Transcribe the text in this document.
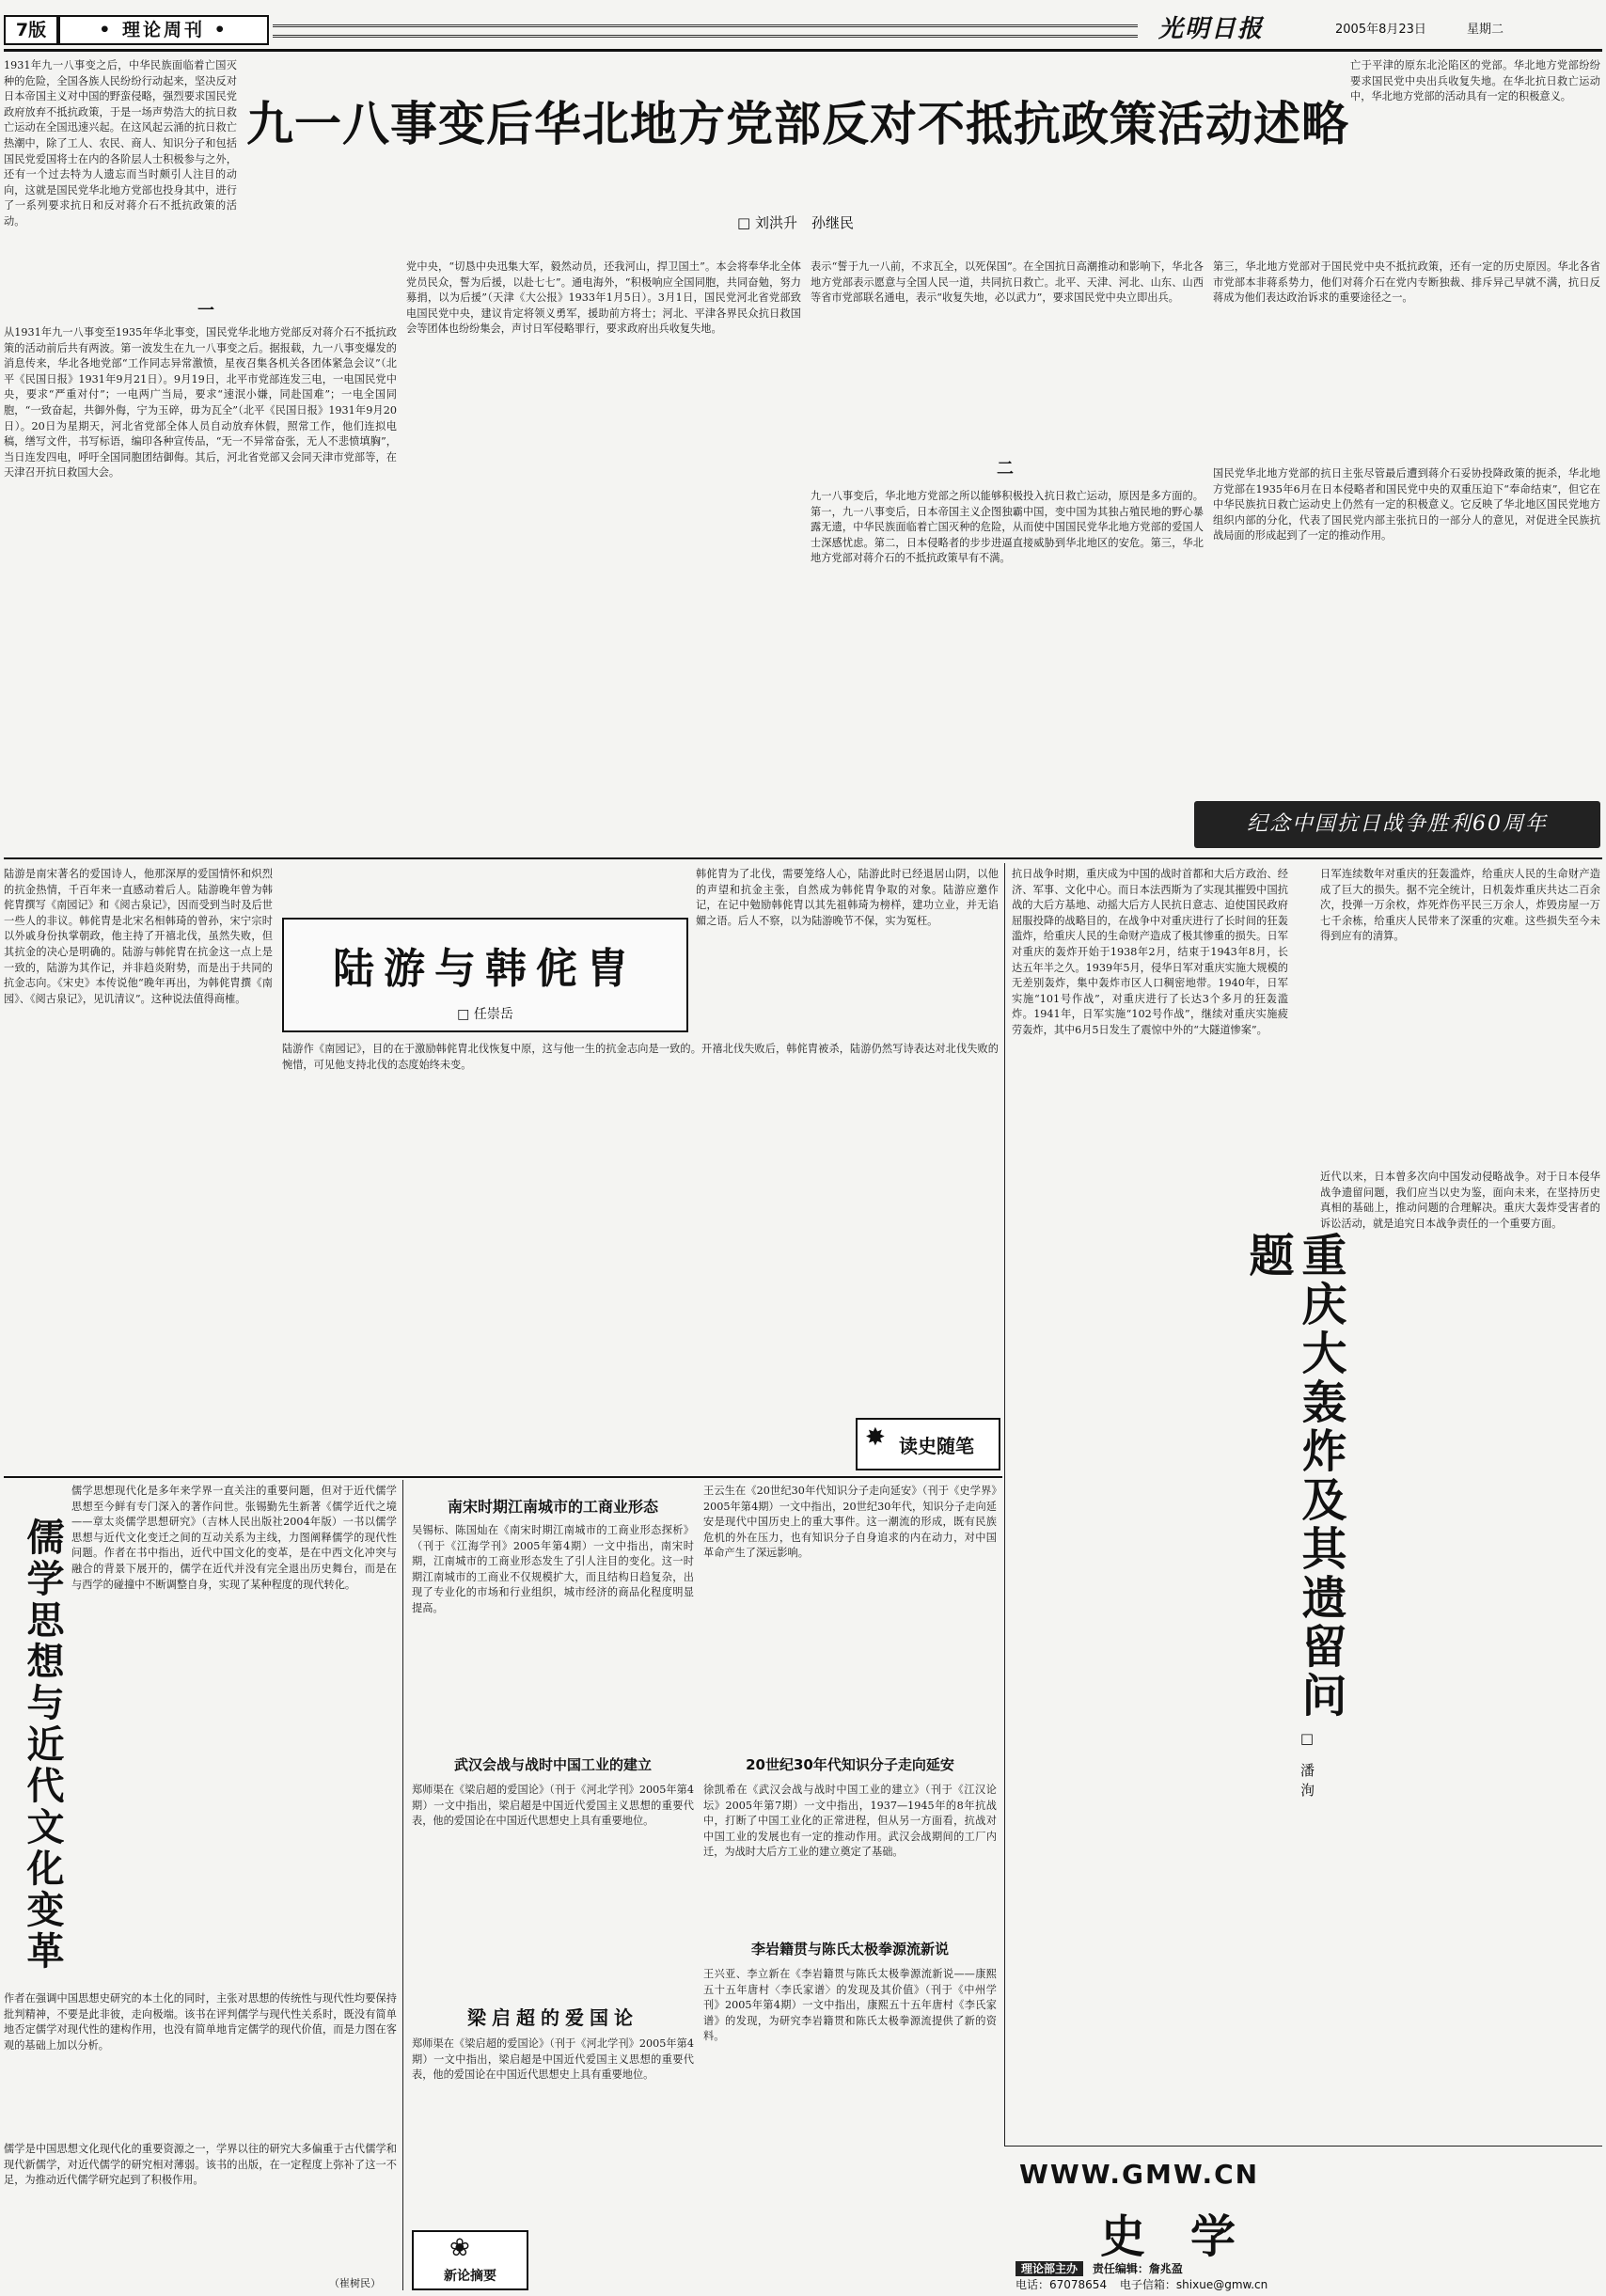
7版	• 理论周刊 •	光明日报	2005年8月23日	星期二
1931年九一八事变之后，中华民族面临着亡国灭种的危险，全国各族人民纷纷行动起来，坚决反对日本帝国主义对中国的野蛮侵略，强烈要求国民党政府放弃不抵抗政策，于是一场声势浩大的抗日救亡运动在全国迅速兴起。在这风起云涌的抗日救亡热潮中，除了工人、农民、商人、知识分子和包括国民党爱国将士在内的各阶层人士积极参与之外，还有一个过去特为人遗忘而当时颇引人注目的动向，这就是国民党华北地方党部也投身其中，进行了一系列要求抗日和反对蒋介石不抵抗政策的活动。
九一八事变后华北地方党部反对不抵抗政策活动述略
□ 刘洪升　孙继民
亡于平津的原东北沦陷区的党部。华北地方党部纷纷要求国民党中央出兵收复失地。在华北抗日救亡运动中，华北地方党部的活动具有一定的积极意义。
一
从1931年九一八事变至1935年华北事变，国民党华北地方党部反对蒋介石不抵抗政策的活动前后共有两波。第一波发生在九一八事变之后。据报载，九一八事变爆发的消息传来，华北各地党部“工作同志异常激愤，星夜召集各机关各团体紧急会议”（北平《民国日报》1931年9月21日）。9月19日，北平市党部连发三电，一电国民党中央，要求“严重对付”；一电两广当局，要求“速泯小嫌，同赴国难”；一电全国同胞，“一致奋起，共御外侮，宁为玉碎，毋为瓦全”（北平《民国日报》1931年9月20日）。20日为星期天，河北省党部全体人员自动放弃休假，照常工作，他们连拟电稿，缮写文件，书写标语，编印各种宣传品，“无一不异常奋张，无人不悲愤填胸”，当日连发四电，呼吁全国同胞团结御侮。其后，河北省党部又会同天津市党部等，在天津召开抗日救国大会。
党中央，“切恳中央迅集大军，毅然动员，还我河山，捍卫国土”。本会将奉华北全体党员民众，誓为后援，以赴七七”。通电海外，“积极响应全国同胞，共同奋勉，努力募捐，以为后援”（天津《大公报》1933年1月5日）。3月1日，国民党河北省党部致电国民党中央，建议肯定将领义勇军，援助前方将士；河北、平津各界民众抗日救国会等团体也纷纷集会，声讨日军侵略罪行，要求政府出兵收复失地。
表示“誓于九一八前，不求瓦全，以死保国”。在全国抗日高潮推动和影响下，华北各地方党部表示愿意与全国人民一道，共同抗日救亡。北平、天津、河北、山东、山西等省市党部联名通电，表示“收复失地，必以武力”，要求国民党中央立即出兵。
二
九一八事变后，华北地方党部之所以能够积极投入抗日救亡运动，原因是多方面的。第一，九一八事变后，日本帝国主义企图独霸中国，变中国为其独占殖民地的野心暴露无遗，中华民族面临着亡国灭种的危险，从而使中国国民党华北地方党部的爱国人士深感忧虑。第二，日本侵略者的步步进逼直接威胁到华北地区的安危。第三，华北地方党部对蒋介石的不抵抗政策早有不满。
第三，华北地方党部对于国民党中央不抵抗政策，还有一定的历史原因。华北各省市党部本非蒋系势力，他们对蒋介石在党内专断独裁、排斥异己早就不满，抗日反蒋成为他们表达政治诉求的重要途径之一。
国民党华北地方党部的抗日主张尽管最后遭到蒋介石妥协投降政策的扼杀，华北地方党部在1935年6月在日本侵略者和国民党中央的双重压迫下“奉命结束”，但它在中华民族抗日救亡运动史上仍然有一定的积极意义。它反映了华北地区国民党地方组织内部的分化，代表了国民党内部主张抗日的一部分人的意见，对促进全民族抗战局面的形成起到了一定的推动作用。
纪念中国抗日战争胜利60周年
陆游是南宋著名的爱国诗人，他那深厚的爱国情怀和炽烈的抗金热情，千百年来一直感动着后人。陆游晚年曾为韩侂胄撰写《南园记》和《阅古泉记》，因而受到当时及后世一些人的非议。韩侂胄是北宋名相韩琦的曾孙，宋宁宗时以外戚身份执掌朝政，他主持了开禧北伐，虽然失败，但其抗金的决心是明确的。陆游与韩侂胄在抗金这一点上是一致的，陆游为其作记，并非趋炎附势，而是出于共同的抗金志向。《宋史》本传说他“晚年再出，为韩侂胄撰《南园》、《阅古泉记》，见讥清议”。这种说法值得商榷。
陆游与韩侂胄
□ 任崇岳
韩侂胄为了北伐，需要笼络人心，陆游此时已经退居山阴，以他的声望和抗金主张，自然成为韩侂胄争取的对象。陆游应邀作记，在记中勉励韩侂胄以其先祖韩琦为榜样，建功立业，并无谄媚之语。后人不察，以为陆游晚节不保，实为冤枉。
陆游作《南园记》，目的在于激励韩侂胄北伐恢复中原，这与他一生的抗金志向是一致的。开禧北伐失败后，韩侂胄被杀，陆游仍然写诗表达对北伐失败的惋惜，可见他支持北伐的态度始终未变。
✸ 读史随笔
抗日战争时期，重庆成为中国的战时首都和大后方政治、经济、军事、文化中心。而日本法西斯为了实现其摧毁中国抗战的大后方基地、动摇大后方人民抗日意志、迫使国民政府屈服投降的战略目的，在战争中对重庆进行了长时间的狂轰滥炸，给重庆人民的生命财产造成了极其惨重的损失。日军对重庆的轰炸开始于1938年2月，结束于1943年8月，长达五年半之久。1939年5月，侵华日军对重庆实施大规模的无差别轰炸，集中轰炸市区人口稠密地带。1940年，日军实施“101号作战”，对重庆进行了长达3个多月的狂轰滥炸。1941年，日军实施“102号作战”，继续对重庆实施疲劳轰炸，其中6月5日发生了震惊中外的“大隧道惨案”。
日军连续数年对重庆的狂轰滥炸，给重庆人民的生命财产造成了巨大的损失。据不完全统计，日机轰炸重庆共达二百余次，投弹一万余枚，炸死炸伤平民三万余人，炸毁房屋一万七千余栋，给重庆人民带来了深重的灾难。这些损失至今未得到应有的清算。
重庆大轰炸及其遗留问题
□ 潘洵
近代以来，日本曾多次向中国发动侵略战争。对于日本侵华战争遗留问题，我们应当以史为鉴，面向未来，在坚持历史真相的基础上，推动问题的合理解决。重庆大轰炸受害者的诉讼活动，就是追究日本战争责任的一个重要方面。
儒学思想与近代文化变革
儒学思想现代化是多年来学界一直关注的重要问题，但对于近代儒学思想至今鲜有专门深入的著作问世。张锡勤先生新著《儒学近代之境——章太炎儒学思想研究》（吉林人民出版社2004年版）一书以儒学思想与近代文化变迁之间的互动关系为主线，力图阐释儒学的现代性问题。作者在书中指出，近代中国文化的变革，是在中西文化冲突与融合的背景下展开的，儒学在近代并没有完全退出历史舞台，而是在与西学的碰撞中不断调整自身，实现了某种程度的现代转化。
作者在强调中国思想史研究的本土化的同时，主张对思想的传统性与现代性均要保持批判精神，不要是此非彼，走向极端。该书在评判儒学与现代性关系时，既没有简单地否定儒学对现代性的建构作用，也没有简单地肯定儒学的现代价值，而是力图在客观的基础上加以分析。
儒学是中国思想文化现代化的重要资源之一，学界以往的研究大多偏重于古代儒学和现代新儒学，对近代儒学的研究相对薄弱。该书的出版，在一定程度上弥补了这一不足，为推动近代儒学研究起到了积极作用。
（崔树民）
南宋时期江南城市的工商业形态
吴锡标、陈国灿在《南宋时期江南城市的工商业形态探析》（刊于《江海学刊》2005年第4期）一文中指出，南宋时期，江南城市的工商业形态发生了引人注目的变化。这一时期江南城市的工商业不仅规模扩大，而且结构日趋复杂，出现了专业化的市场和行业组织，城市经济的商品化程度明显提高。
王云生在《20世纪30年代知识分子走向延安》（刊于《史学界》2005年第4期）一文中指出，20世纪30年代，知识分子走向延安是现代中国历史上的重大事件。这一潮流的形成，既有民族危机的外在压力，也有知识分子自身追求的内在动力，对中国革命产生了深远影响。
20世纪30年代知识分子走向延安
徐凯希在《武汉会战与战时中国工业的建立》（刊于《江汉论坛》2005年第7期）一文中指出，1937—1945年的8年抗战中，打断了中国工业化的正常进程，但从另一方面看，抗战对中国工业的发展也有一定的推动作用。武汉会战期间的工厂内迁，为战时大后方工业的建立奠定了基础。
武汉会战与战时中国工业的建立
郑师渠在《梁启超的爱国论》（刊于《河北学刊》2005年第4期）一文中指出，梁启超是中国近代爱国主义思想的重要代表，他的爱国论在中国近代思想史上具有重要地位。
梁启超的爱国论
郑师渠在《梁启超的爱国论》（刊于《河北学刊》2005年第4期）一文中指出，梁启超是中国近代爱国主义思想的重要代表，他的爱国论在中国近代思想史上具有重要地位。
李岩籍贯与陈氏太极拳源流新说
王兴亚、李立新在《李岩籍贯与陈氏太极拳源流新说——康熙五十五年唐村〈李氏家谱〉的发现及其价值》（刊于《中州学刊》2005年第4期）一文中指出，康熙五十五年唐村《李氏家谱》的发现，为研究李岩籍贯和陈氏太极拳源流提供了新的资料。
❀
新论摘要
WWW.GMW.CN
史　学
理论部主办 责任编辑：詹兆盈
电话：67078654 电子信箱：shixue@gmw.cn
